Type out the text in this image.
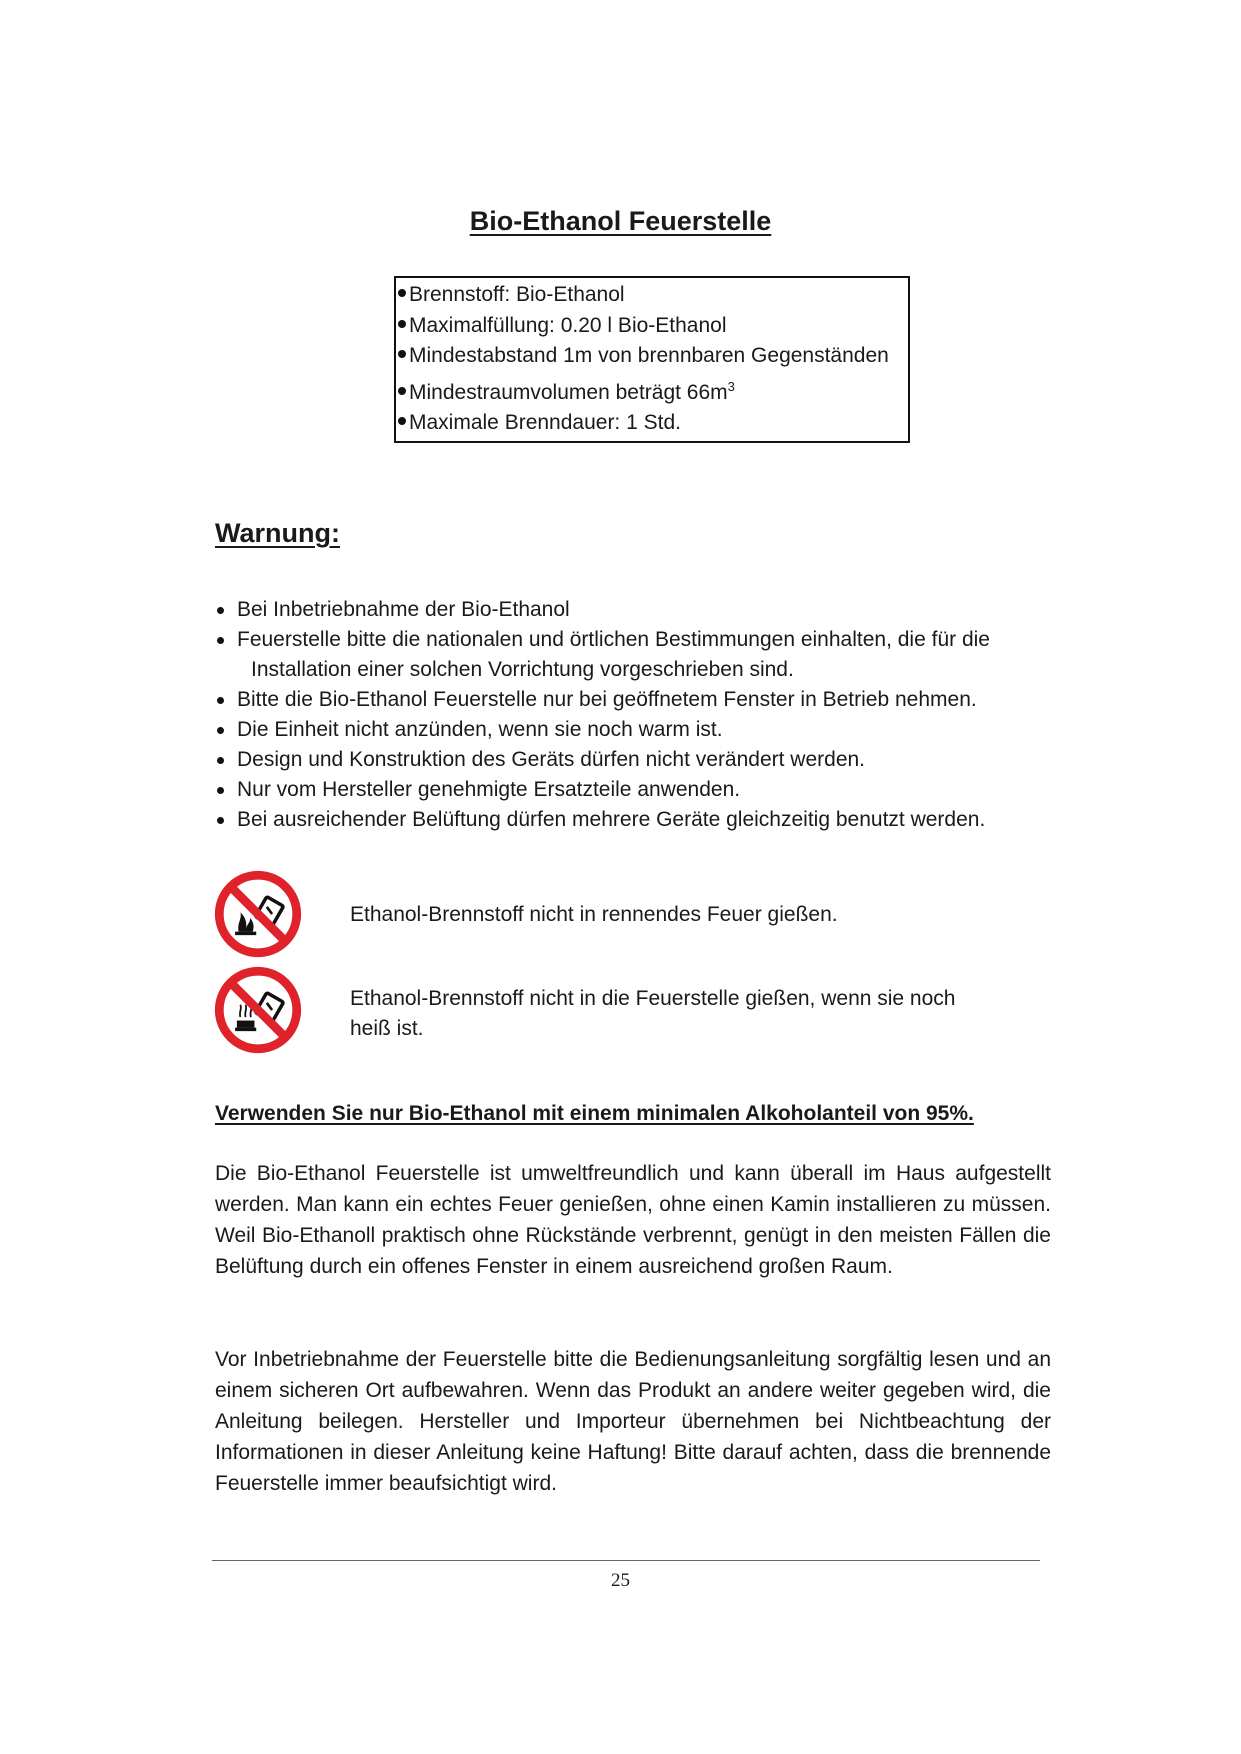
Bio-Ethanol Feuerstelle
Brennstoff: Bio-Ethanol
Maximalfüllung: 0.20 l Bio-Ethanol
Mindestabstand 1m von brennbaren Gegenständen
Mindestraumvolumen beträgt $66m^3$
Maximale Brenndauer: 1 Std.
Warnung:
Bei Inbetriebnahme der Bio-Ethanol
Feuerstelle bitte die nationalen und örtlichen Bestimmungen einhalten, die für die
Installation einer solchen Vorrichtung vorgeschrieben sind.
Bitte die Bio-Ethanol Feuerstelle nur bei geöffnetem Fenster in Betrieb nehmen.
Die Einheit nicht anzünden, wenn sie noch warm ist.
Design und Konstruktion des Geräts dürfen nicht verändert werden.
Nur vom Hersteller genehmigte Ersatzteile anwenden.
Bei ausreichender Belüftung dürfen mehrere Geräte gleichzeitig benutzt werden.
Ethanol-Brennstoff nicht in rennendes Feuer gießen.
Ethanol-Brennstoff nicht in die Feuerstelle gießen, wenn sie noch heiß ist.
Verwenden Sie nur Bio-Ethanol mit einem minimalen Alkoholanteil von 95%.
Die Bio-Ethanol Feuerstelle ist umweltfreundlich und kann überall im Haus aufgestellt werden. Man kann ein echtes Feuer genießen, ohne einen Kamin installieren zu müssen. Weil Bio-Ethanoll praktisch ohne Rückstände verbrennt, genügt in den meisten Fällen die Belüftung durch ein offenes Fenster in einem ausreichend großen Raum.
Vor Inbetriebnahme der Feuerstelle bitte die Bedienungsanleitung sorgfältig lesen und an einem sicheren Ort aufbewahren. Wenn das Produkt an andere weiter gegeben wird, die Anleitung beilegen. Hersteller und Importeur übernehmen bei Nichtbeachtung der Informationen in dieser Anleitung keine Haftung! Bitte darauf achten, dass die brennende Feuerstelle immer beaufsichtigt wird.
25
